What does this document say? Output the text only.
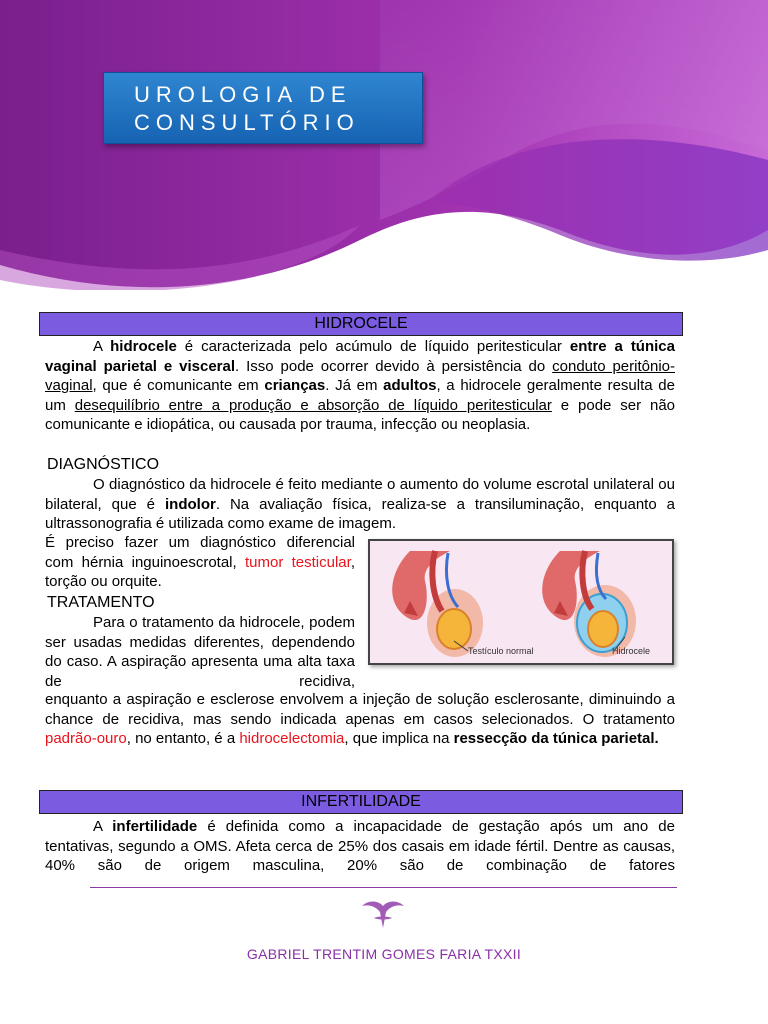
UROLOGIA DE
CONSULTÓRIO
HIDROCELE

A hidrocele é caracterizada pelo acúmulo de líquido peritesticular entre a túnica vaginal parietal e visceral. Isso pode ocorrer devido à persistência do conduto peritônio-vaginal, que é comunicante em crianças. Já em adultos, a hidrocele geralmente resulta de um desequilíbrio entre a produção e absorção de líquido peritesticular e pode ser não comunicante e idiopática, ou causada por trauma, infecção ou neoplasia.

DIAGNÓSTICO

O diagnóstico da hidrocele é feito mediante o aumento do volume escrotal unilateral ou bilateral, que é indolor. Na avaliação física, realiza-se a transiluminação, enquanto a ultrassonografia é utilizada como exame de imagem.

É preciso fazer um diagnóstico diferencial com hérnia inguinoescrotal, tumor testicular, torção ou orquite.

TRATAMENTO

Para o tratamento da hidrocele, podem ser usadas medidas diferentes, dependendo do caso. A aspiração apresenta uma alta taxa de recidiva,

enquanto a aspiração e esclerose envolvem a injeção de solução esclerosante, diminuindo a chance de recidiva, mas sendo indicada apenas em casos selecionados. O tratamento padrão-ouro, no entanto, é a hidrocelectomia, que implica na ressecção da túnica parietal.

Testículo normal	Hidrocele
INFERTILIDADE

A infertilidade é definida como a incapacidade de gestação após um ano de tentativas, segundo a OMS. Afeta cerca de 25% dos casais em idade fértil. Dentre as causas, 40% são de origem masculina, 20% são de combinação de fatores

GABRIEL TRENTIM GOMES FARIA TXXII
